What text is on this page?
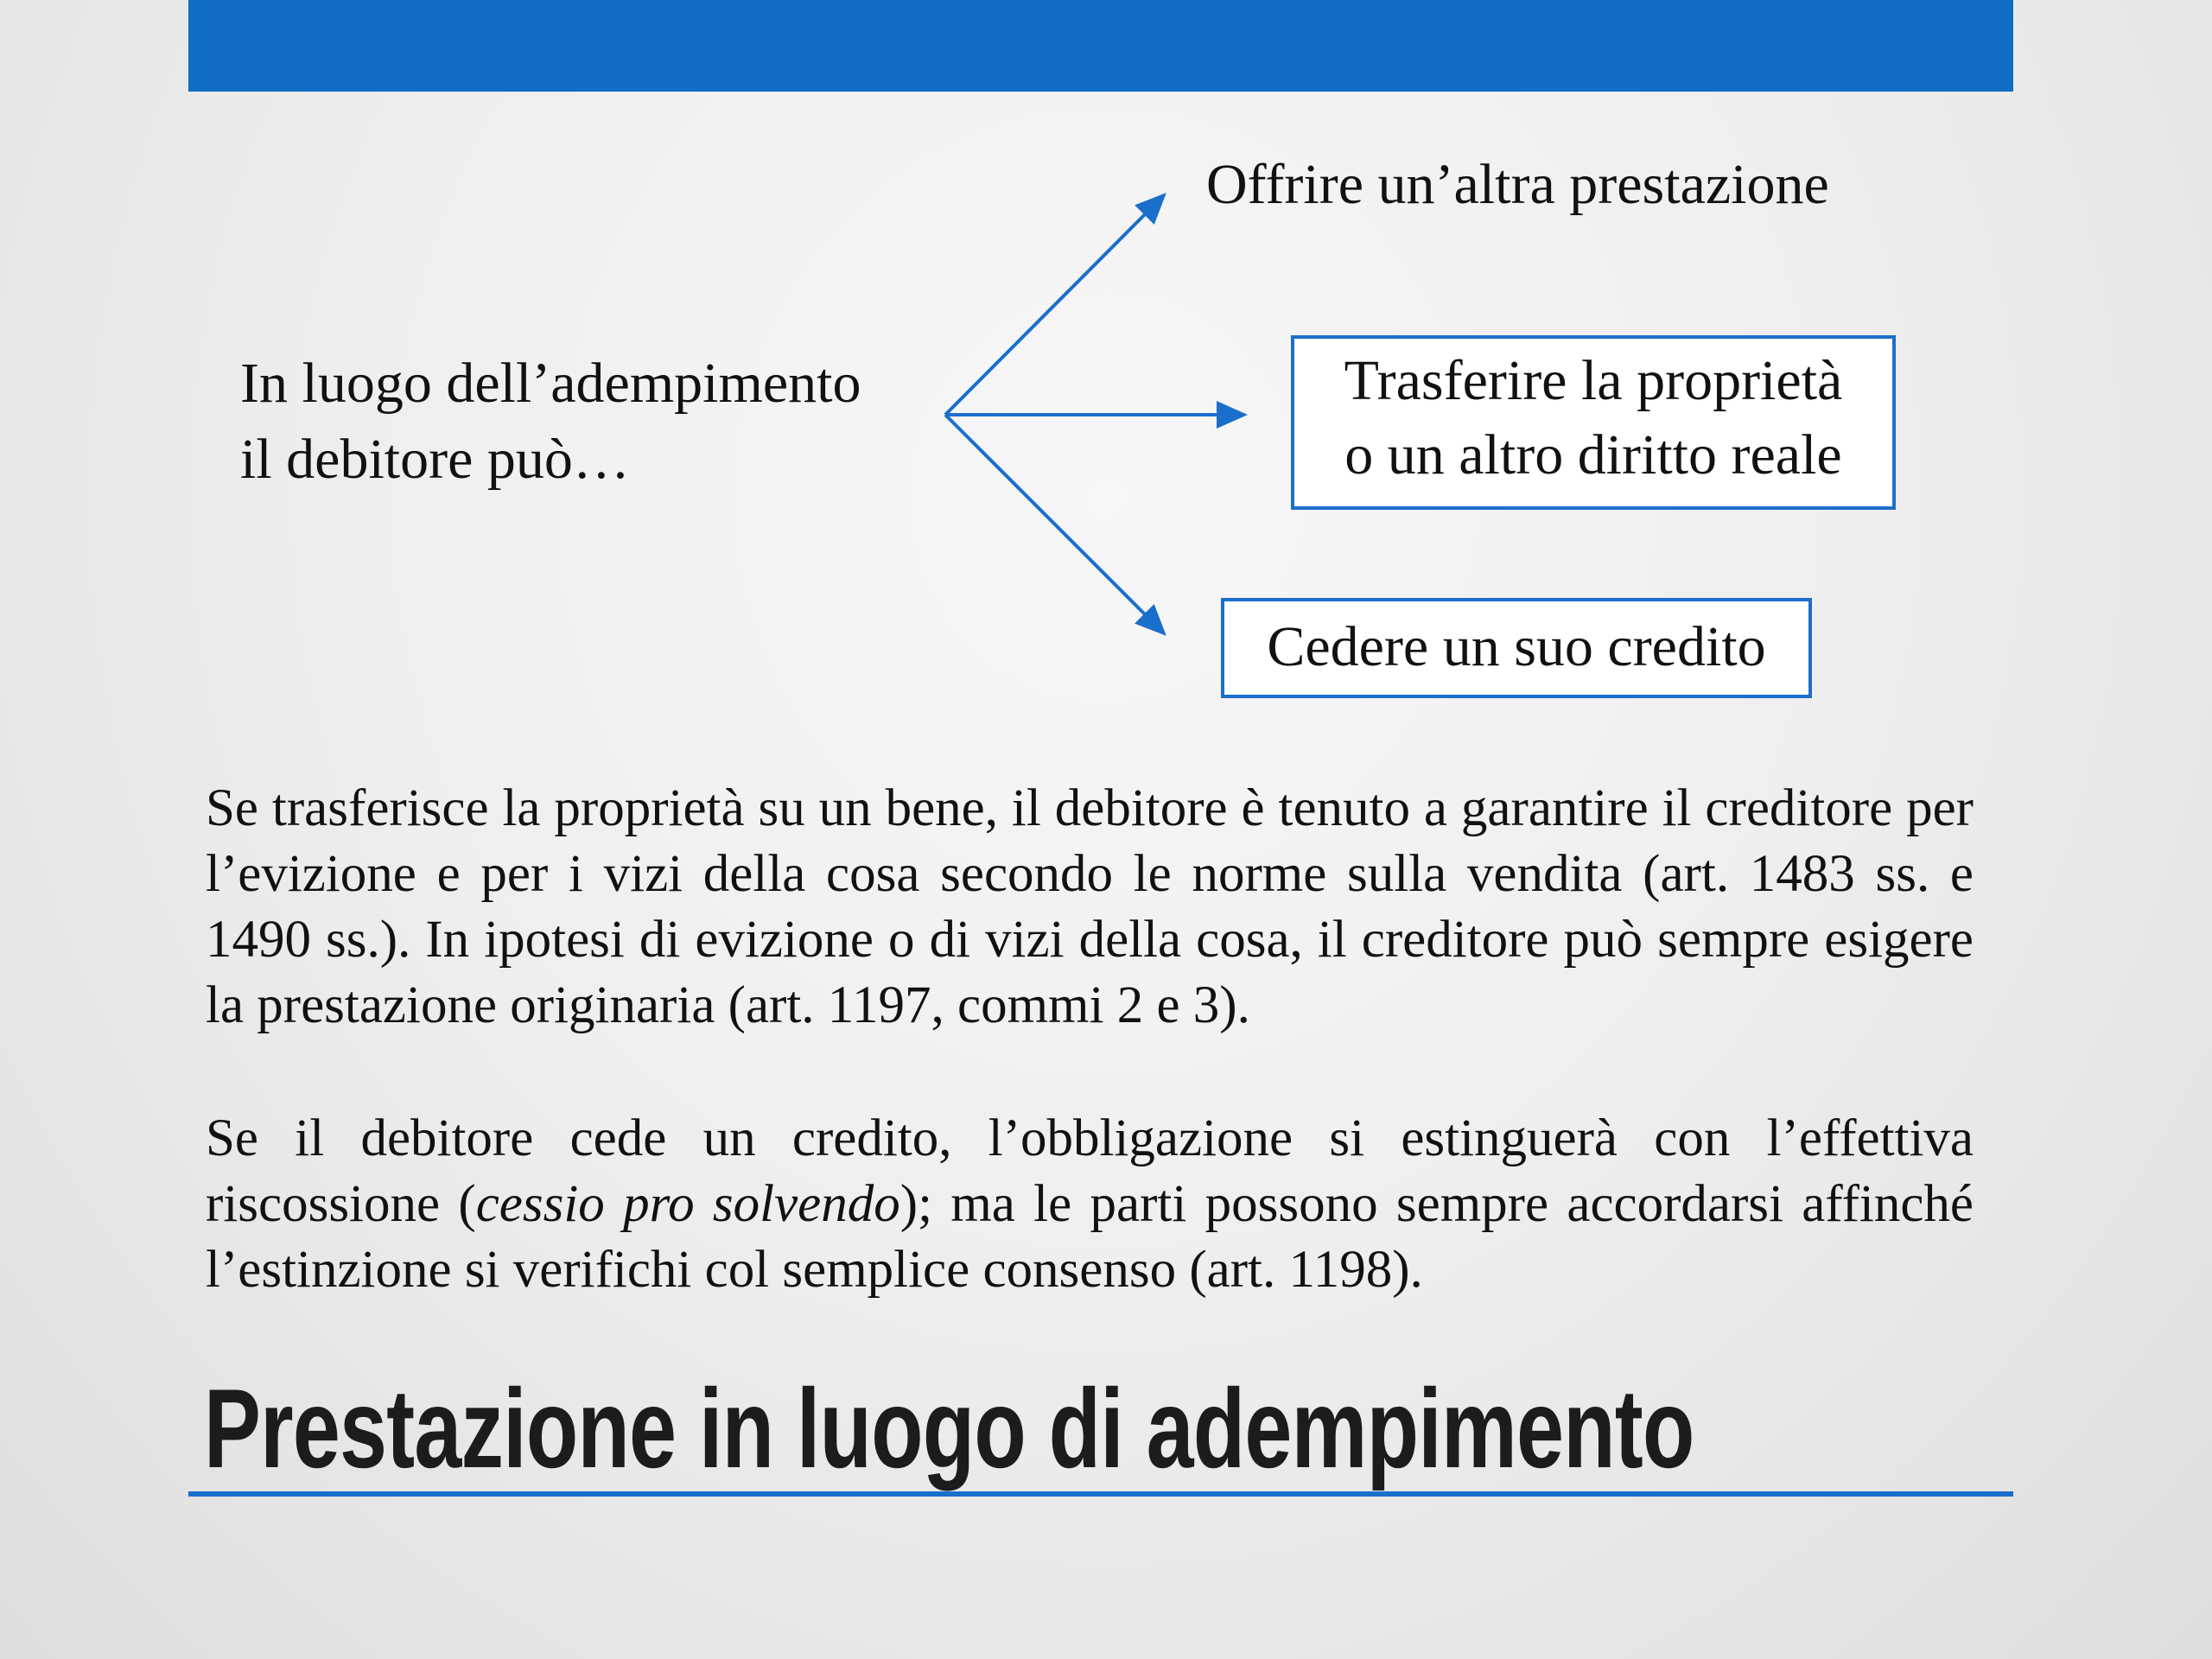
In luogo dell’adempimento
il debitore può…
Offrire un’altra prestazione
Trasferire la proprietà
o un altro diritto reale
Cedere un suo credito

Se trasferisce la proprietà su un bene, il debitore è tenuto a garantire il creditore per l’evizione e per i vizi della cosa secondo le norme sulla vendita (art. 1483 ss. e 1490 ss.). In ipotesi di evizione o di vizi della cosa, il creditore può sempre esigere la prestazione originaria (art. 1197, commi 2 e 3).

Se il debitore cede un credito, l’obbligazione si estinguerà con l’effettiva riscossione (cessio pro solvendo); ma le parti possono sempre accordarsi affinché l’estinzione si verifichi col semplice consenso (art. 1198).

Prestazione in luogo di adempimento
